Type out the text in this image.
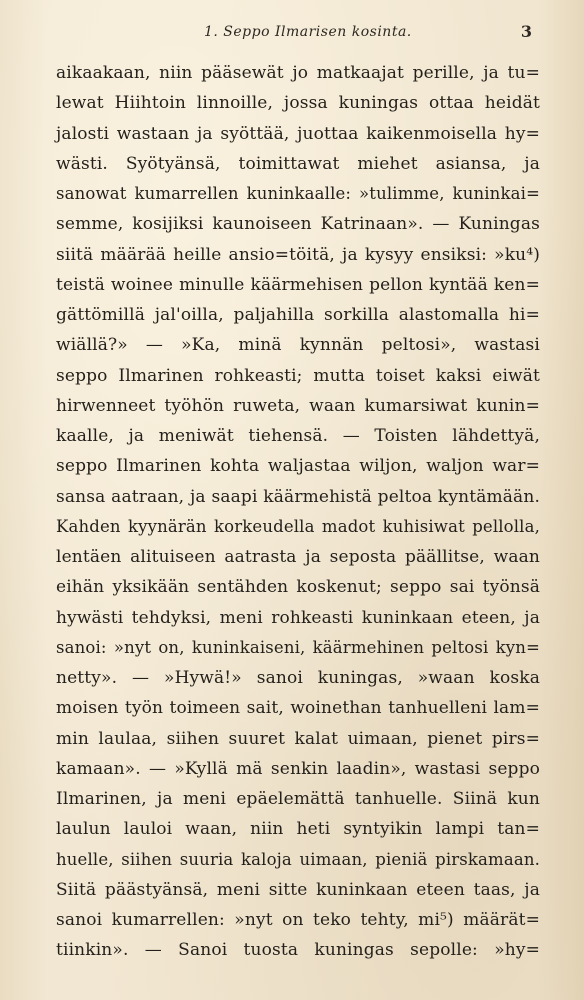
1. Seppo Ilmarisen kosinta.	3
aikaakaan, niin pääsewät jo matkaajat perille, ja tu=
lewat Hiihtoin linnoille, jossa kuningas ottaa heidät
jalosti wastaan ja syöttää, juottaa kaikenmoisella hy=
wästi. Syötyänsä, toimittawat miehet asiansa, ja
sanowat kumarrellen kuninkaalle: »tulimme, kuninkai=
semme, kosijiksi kaunoiseen Katrinaan». — Kuningas
siitä määrää heille ansio=töitä, ja kysyy ensiksi: »ku⁴)
teistä woinee minulle käärmehisen pellon kyntää ken=
gättömillä jal'oilla, paljahilla sorkilla alastomalla hi=
wiällä?» — »Ka, minä kynnän peltosi», wastasi
seppo Ilmarinen rohkeasti; mutta toiset kaksi eiwät
hirwenneet työhön ruweta, waan kumarsiwat kunin=
kaalle, ja meniwät tiehensä. — Toisten lähdettyä,
seppo Ilmarinen kohta waljastaa wiljon, waljon war=
sansa aatraan, ja saapi käärmehistä peltoa kyntämään.
Kahden kyynärän korkeudella madot kuhisiwat pellolla,
lentäen alituiseen aatrasta ja seposta päällitse, waan
eihän yksikään sentähden koskenut; seppo sai työnsä
hywästi tehdyksi, meni rohkeasti kuninkaan eteen, ja
sanoi: »nyt on, kuninkaiseni, käärmehinen peltosi kyn=
netty». — »Hywä!» sanoi kuningas, »waan koska
moisen työn toimeen sait, woinethan tanhuelleni lam=
min laulaa, siihen suuret kalat uimaan, pienet pirs=
kamaan». — »Kyllä mä senkin laadin», wastasi seppo
Ilmarinen, ja meni epäelemättä tanhuelle. Siinä kun
laulun lauloi waan, niin heti syntyikin lampi tan=
huelle, siihen suuria kaloja uimaan, pieniä pirskamaan.
Siitä päästyänsä, meni sitte kuninkaan eteen taas, ja
sanoi kumarrellen: »nyt on teko tehty, mi⁵) määrät=
tiinkin». — Sanoi tuosta kuningas sepolle: »hy=
